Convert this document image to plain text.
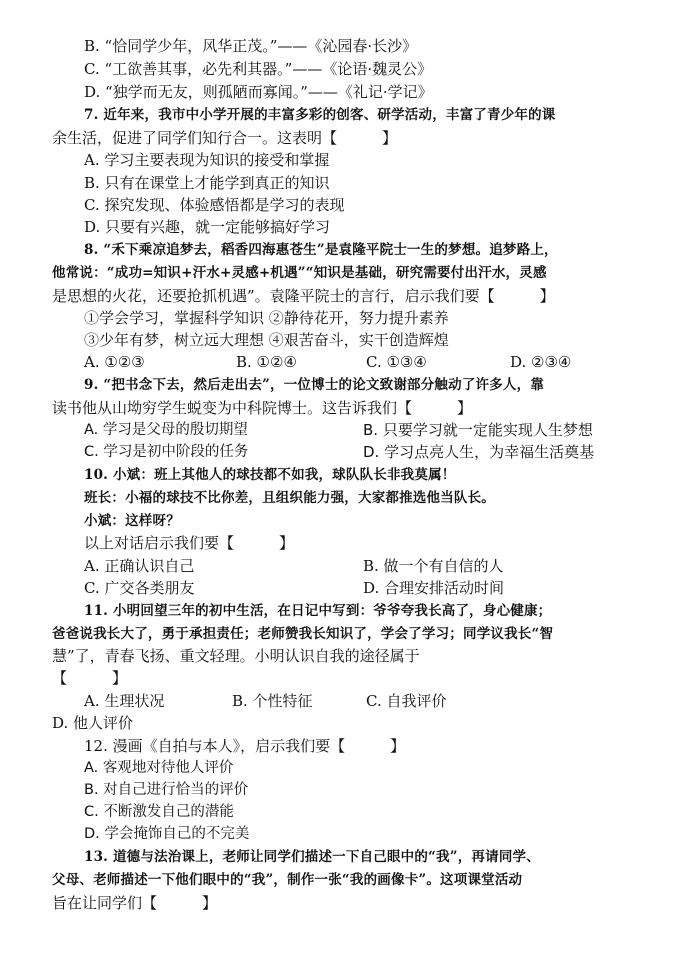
B. “恰同学少年，风华正茂。”——《沁园春·长沙》
C. “工欲善其事，必先利其器。”——《论语·魏灵公》
D. “独学而无友，则孤陋而寡闻。”——《礼记·学记》
7. 近年来，我市中小学开展的丰富多彩的创客、研学活动，丰富了青少年的课
余生活，促进了同学们知行合一。这表明【　　　】
A. 学习主要表现为知识的接受和掌握
B. 只有在课堂上才能学到真正的知识
C. 探究发现、体验感悟都是学习的表现
D. 只要有兴趣，就一定能够搞好学习
8. “禾下乘凉追梦去，稻香四海惠苍生”是袁隆平院士一生的梦想。追梦路上，
他常说：“成功=知识+汗水+灵感+机遇”“知识是基础，研究需要付出汗水，灵感
是思想的火花，还要抢抓机遇”。袁隆平院士的言行，启示我们要【　　　】
①学会学习，掌握科学知识 ②静待花开，努力提升素养
③少年有梦，树立远大理想 ④艰苦奋斗，实干创造辉煌
A. ①②③	B. ①②④	C. ①③④	D. ②③④
9. “把书念下去，然后走出去”，一位博士的论文致谢部分触动了许多人，靠
读书他从山坳穷学生蜕变为中科院博士。这告诉我们【　　　】
A. 学习是父母的殷切期望	B. 只要学习就一定能实现人生梦想
C. 学习是初中阶段的任务	D. 学习点亮人生，为幸福生活奠基
10. 小斌：班上其他人的球技都不如我，球队队长非我莫属！
班长：小福的球技不比你差，且组织能力强，大家都推选他当队长。
小斌：这样呀？
以上对话启示我们要【　　　】
A. 正确认识自己	B. 做一个有自信的人
C. 广交各类朋友	D. 合理安排活动时间
11. 小明回望三年的初中生活，在日记中写到：爷爷夸我长高了，身心健康；
爸爸说我长大了，勇于承担责任；老师赞我长知识了，学会了学习；同学议我长“智
慧”了，青春飞扬、重文轻理。小明认识自我的途径属于
【　　　】
A. 生理状况	B. 个性特征	C. 自我评价
D. 他人评价
12. 漫画《自拍与本人》，启示我们要【　　　】
A. 客观地对待他人评价
B. 对自己进行恰当的评价
C. 不断激发自己的潜能
D. 学会掩饰自己的不完美
13. 道德与法治课上，老师让同学们描述一下自己眼中的“我”，再请同学、
父母、老师描述一下他们眼中的“我”，制作一张“我的画像卡”。这项课堂活动
旨在让同学们【　　　】
